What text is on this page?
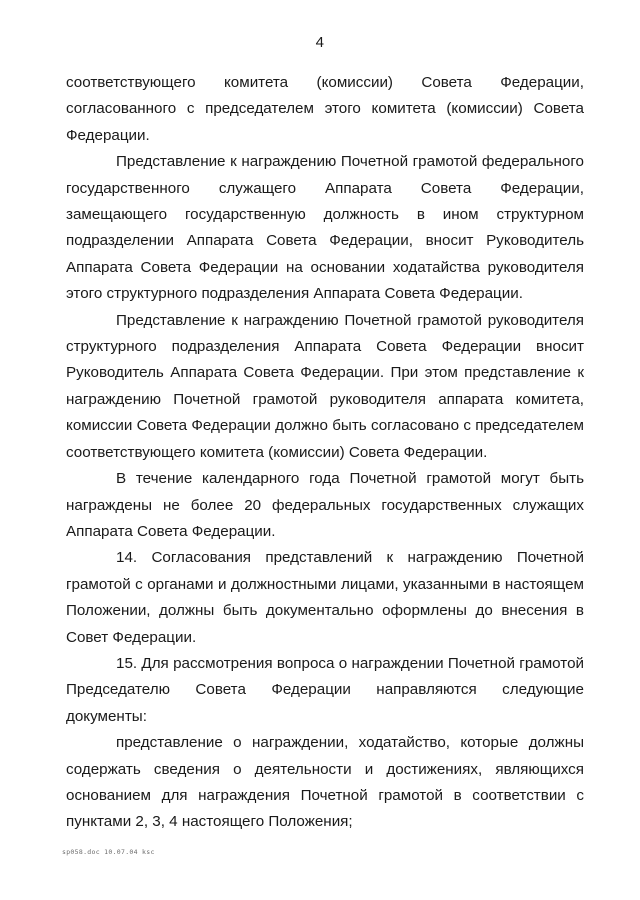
4

соответствующего комитета (комиссии) Совета Федерации, согласованного с председателем этого комитета (комиссии) Совета Федерации.

Представление к награждению Почетной грамотой федерального государственного служащего Аппарата Совета Федерации, замещающего государственную должность в ином структурном подразделении Аппарата Совета Федерации, вносит Руководитель Аппарата Совета Федерации на основании ходатайства руководителя этого структурного подразделения Аппарата Совета Федерации.

Представление к награждению Почетной грамотой руководителя структурного подразделения Аппарата Совета Федерации вносит Руководитель Аппарата Совета Федерации. При этом представление к награждению Почетной грамотой руководителя аппарата комитета, комиссии Совета Федерации должно быть согласовано с председателем соответствующего комитета (комиссии) Совета Федерации.

В течение календарного года Почетной грамотой могут быть награждены не более 20 федеральных государственных служащих Аппарата Совета Федерации.

14. Согласования представлений к награждению Почетной грамотой с органами и должностными лицами, указанными в настоящем Положении, должны быть документально оформлены до внесения в Совет Федерации.

15. Для рассмотрения вопроса о награждении Почетной грамотой Председателю Совета Федерации направляются следующие документы:

представление о награждении, ходатайство, которые должны содержать сведения о деятельности и достижениях, являющихся основанием для награждения Почетной грамотой в соответствии с пунктами 2, 3, 4 настоящего Положения;

sp058.doc 10.07.04 ksc
